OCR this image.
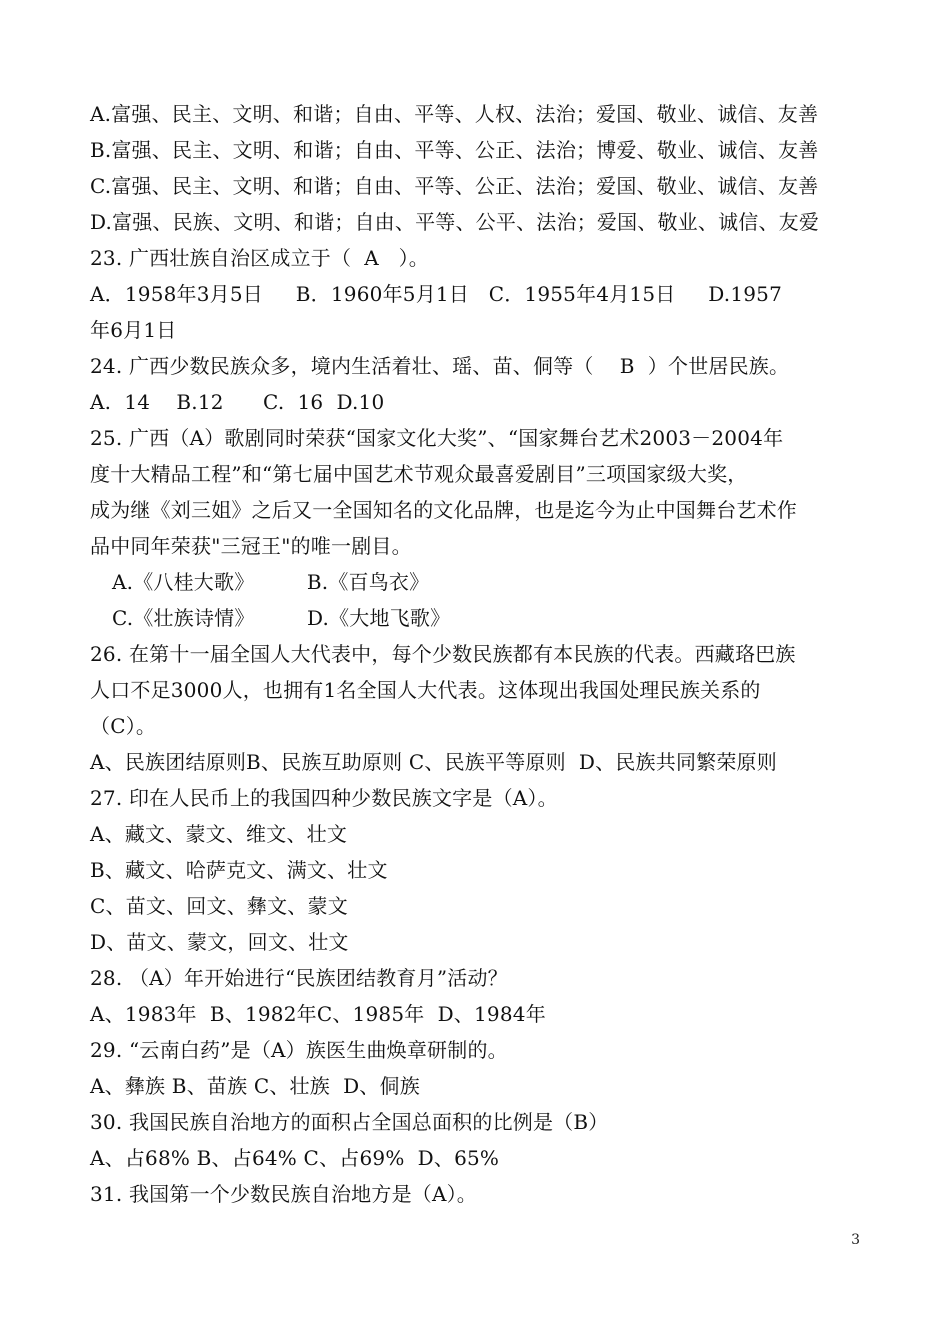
A.富强、民主、文明、和谐；自由、平等、人权、法治；爱国、敬业、诚信、友善
B.富强、民主、文明、和谐；自由、平等、公正、法治；博爱、敬业、诚信、友善
C.富强、民主、文明、和谐；自由、平等、公正、法治；爱国、敬业、诚信、友善
D.富强、民族、文明、和谐；自由、平等、公平、法治；爱国、敬业、诚信、友爱
23. 广西壮族自治区成立于（  A   ）。
A．1958年3月5日     B．1960年5月1日   C．1955年4月15日     D.1957
年6月1日
24. 广西少数民族众多，境内生活着壮、瑶、苗、侗等（    B  ）个世居民族。
A.  14    B.12      C.  16  D.10
25. 广西（A）歌剧同时荣获“国家文化大奖”、“国家舞台艺术2003－2004年
度十大精品工程”和“第七届中国艺术节观众最喜爱剧目”三项国家级大奖，
成为继《刘三姐》之后又一全国知名的文化品牌，也是迄今为止中国舞台艺术作
品中同年荣获"三冠王"的唯一剧目。
A.《八桂大歌》        B.《百鸟衣》
C.《壮族诗情》        D.《大地飞歌》
26. 在第十一届全国人大代表中，每个少数民族都有本民族的代表。西藏珞巴族
人口不足3000人，也拥有1名全国人大代表。这体现出我国处理民族关系的
（C）。
A、民族团结原则B、民族互助原则 C、民族平等原则  D、民族共同繁荣原则
27. 印在人民币上的我国四种少数民族文字是（A）。
A、藏文、蒙文、维文、壮文
B、藏文、哈萨克文、满文、壮文
C、苗文、回文、彝文、蒙文
D、苗文、蒙文，回文、壮文
28. （A）年开始进行“民族团结教育月”活动？
A、1983年  B、1982年C、1985年  D、1984年
29. “云南白药”是（A）族医生曲焕章研制的。
A、彝族 B、苗族 C、壮族  D、侗族
30. 我国民族自治地方的面积占全国总面积的比例是（B）
A、占68% B、占64% C、占69%  D、65%
31. 我国第一个少数民族自治地方是（A）。
3
